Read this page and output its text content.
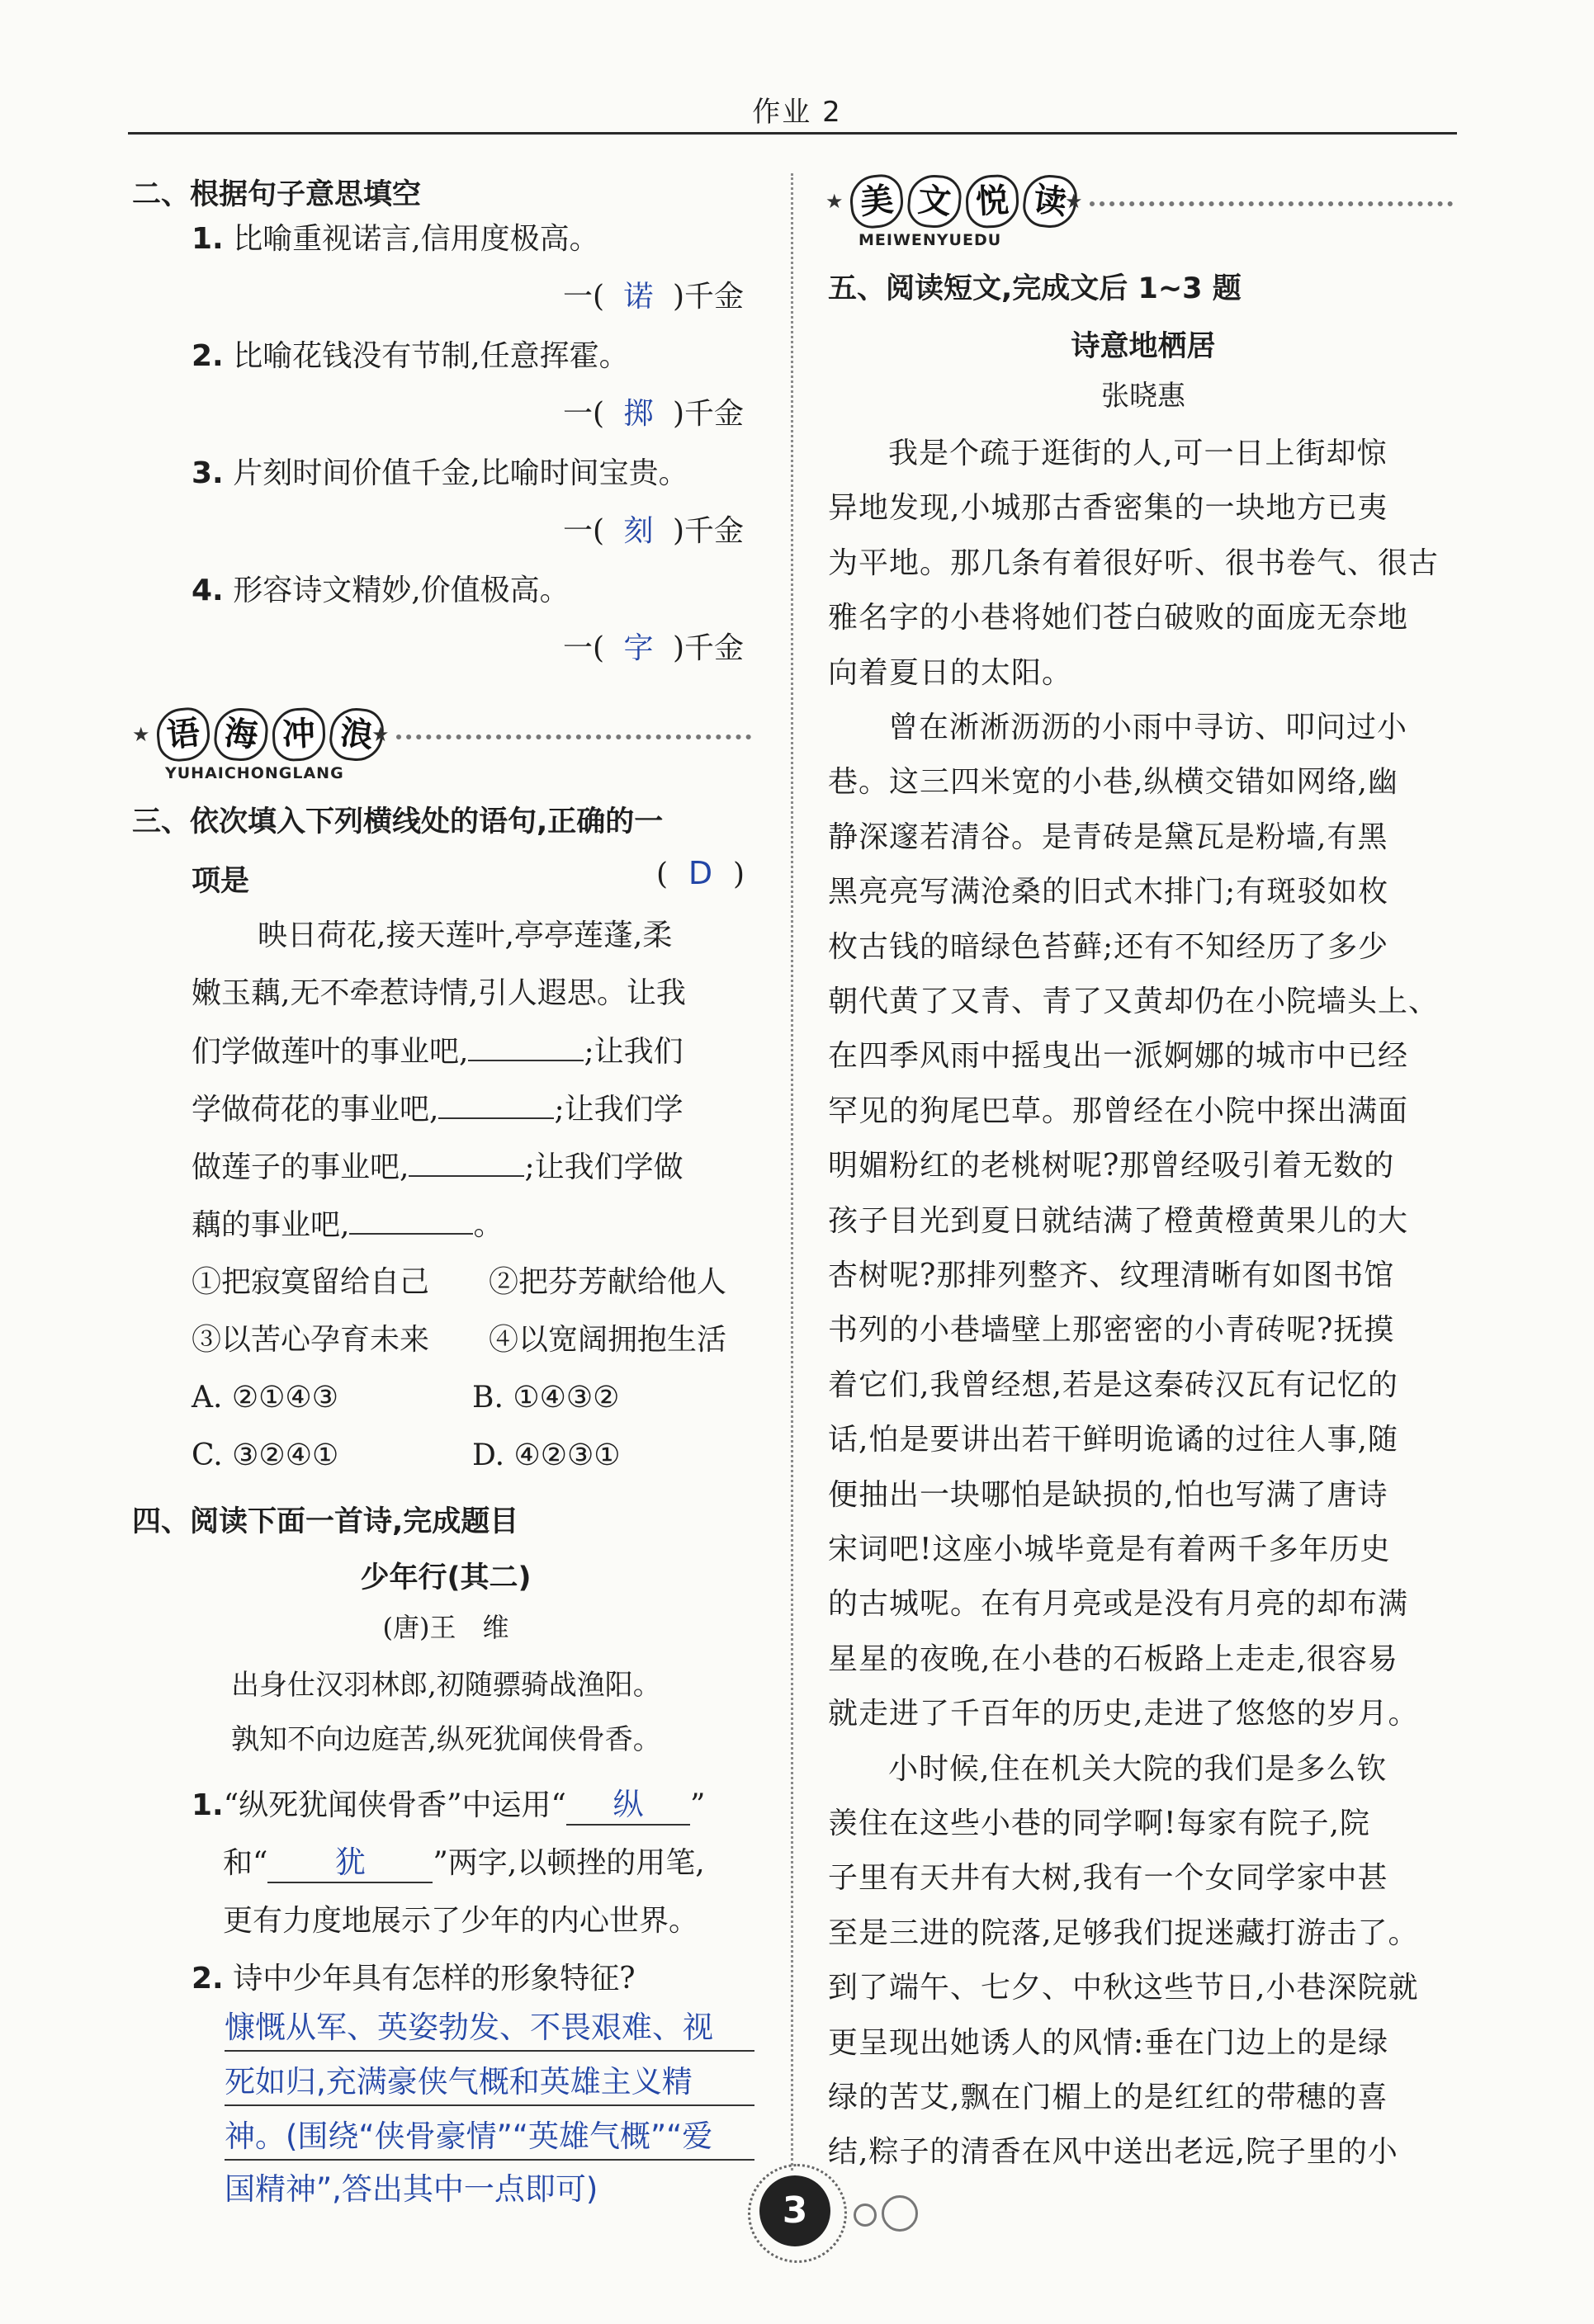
作业 2
二、根据句子意思填空
1. 比喻重视诺言,信用度极高。
一( 诺 )千金
2. 比喻花钱没有节制,任意挥霍。
一( 掷 )千金
3. 片刻时间价值千金,比喻时间宝贵。
一( 刻 )千金
4. 形容诗文精妙,价值极高。
一( 字 )千金
★ 语 海 冲 浪
★
YUHAICHONGLANG
三、依次填入下列横线处的语句,正确的一
项是	( D )
映日荷花,接天莲叶,亭亭莲蓬,柔
嫩玉藕,无不牵惹诗情,引人遐思。让我
们学做莲叶的事业吧,	;让我们
学做荷花的事业吧,	;让我们学
做莲子的事业吧,	;让我们学做
藕的事业吧,	。
①把寂寞留给自己 ②把芬芳献给他人
③以苦心孕育未来 ④以宽阔拥抱生活
A. ②①④③	B. ①④③②
C. ③②④①	D. ④②③①
四、阅读下面一首诗,完成题目
少年行(其二)
(唐)王　维
出身仕汉羽林郎,初随骠骑战渔阳。
孰知不向边庭苦,纵死犹闻侠骨香。
1.“纵死犹闻侠骨香”中运用“ 纵 ”
和“ 犹 ”两字,以顿挫的用笔,
更有力度地展示了少年的内心世界。
2. 诗中少年具有怎样的形象特征?
慷慨从军、英姿勃发、不畏艰难、视
死如归,充满豪侠气概和英雄主义精
神。(围绕“侠骨豪情”“英雄气概”“爱
国精神”,答出其中一点即可)
★ 美 文 悦 读
★
MEIWENYUEDU
五、阅读短文,完成文后 1~3 题
诗意地栖居
张晓惠
我是个疏于逛街的人,可一日上街却惊
异地发现,小城那古香密集的一块地方已夷
为平地。那几条有着很好听、很书卷气、很古
雅名字的小巷将她们苍白破败的面庞无奈地
向着夏日的太阳。
曾在淅淅沥沥的小雨中寻访、叩问过小
巷。这三四米宽的小巷,纵横交错如网络,幽
静深邃若清谷。是青砖是黛瓦是粉墙,有黑
黑亮亮写满沧桑的旧式木排门;有斑驳如枚
枚古钱的暗绿色苔藓;还有不知经历了多少
朝代黄了又青、青了又黄却仍在小院墙头上、
在四季风雨中摇曳出一派婀娜的城市中已经
罕见的狗尾巴草。那曾经在小院中探出满面
明媚粉红的老桃树呢?那曾经吸引着无数的
孩子目光到夏日就结满了橙黄橙黄果儿的大
杏树呢?那排列整齐、纹理清晰有如图书馆
书列的小巷墙壁上那密密的小青砖呢?抚摸
着它们,我曾经想,若是这秦砖汉瓦有记忆的
话,怕是要讲出若干鲜明诡谲的过往人事,随
便抽出一块哪怕是缺损的,怕也写满了唐诗
宋词吧!这座小城毕竟是有着两千多年历史
的古城呢。在有月亮或是没有月亮的却布满
星星的夜晚,在小巷的石板路上走走,很容易
就走进了千百年的历史,走进了悠悠的岁月。
小时候,住在机关大院的我们是多么钦
羡住在这些小巷的同学啊!每家有院子,院
子里有天井有大树,我有一个女同学家中甚
至是三进的院落,足够我们捉迷藏打游击了。
到了端午、七夕、中秋这些节日,小巷深院就
更呈现出她诱人的风情:垂在门边上的是绿
绿的苦艾,飘在门楣上的是红红的带穗的喜
结,粽子的清香在风中送出老远,院子里的小
3
